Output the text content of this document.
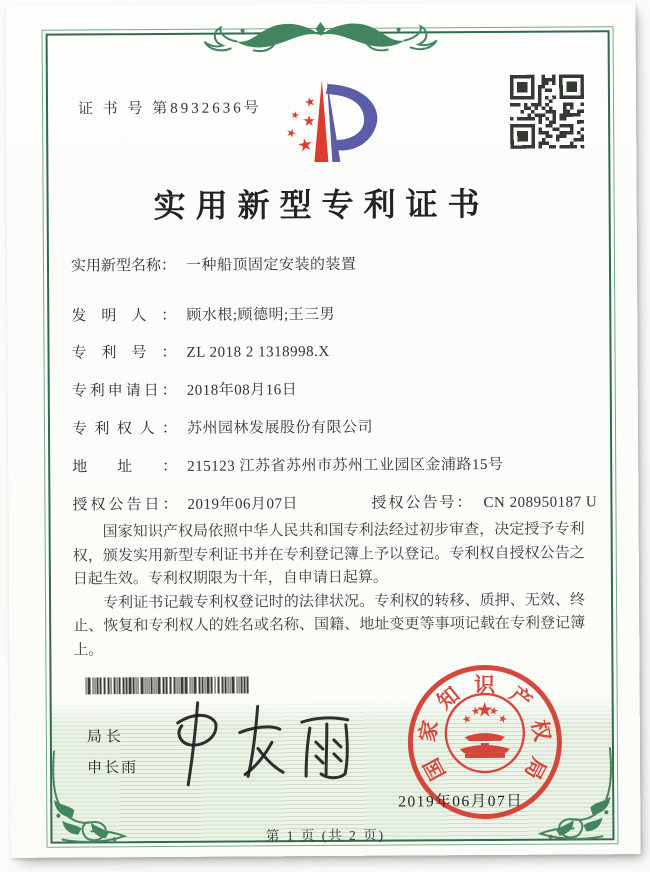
证 书 号 第8932636号
实用新型专利证书
实用新型名称： 一种船顶固定安装的装置
发明人： 顾水根;顾德明;王三男
专利号： ZL 2018 2 1318998.X
专利申请日： 2018年08月16日
专利权人： 苏州园林发展股份有限公司
地址： 215123 江苏省苏州市苏州工业园区金浦路15号
授权公告日： 2019年06月07日	授权公告号： CN 208950187 U

国家知识产权局依照中华人民共和国专利法经过初步审查，决定授予专利权，颁发实用新型专利证书并在专利登记簿上予以登记。专利权自授权公告之日起生效。专利权期限为十年，自申请日起算。

专利证书记载专利权登记时的法律状况。专利权的转移、质押、无效、终止、恢复和专利权人的姓名或名称、国籍、地址变更等事项记载在专利登记簿上。

局长
申长雨	国
家
知 识 产
权
局
2019年06月07日
第 1 页 (共 2 页)
